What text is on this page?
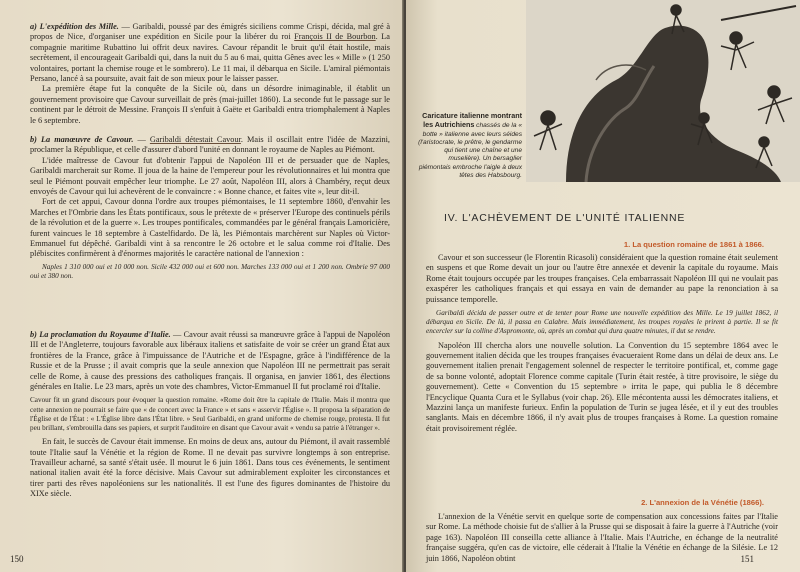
a) L'expédition des Mille. — Garibaldi, poussé par des émigrés siciliens comme Crispi, décida, mal gré à propos de Nice, d'organiser une expédition en Sicile pour la libérer du roi François II de Bourbon. La compagnie maritime Rubattino lui offrit deux navires. Cavour répandit le bruit qu'il était hostile, mais secrètement, il encourageait Garibaldi qui, dans la nuit du 5 au 6 mai, quitta Gênes avec les « Mille » (1 250 volontaires, portant la chemise rouge et le sombrero). Le 11 mai, il débarqua en Sicile. L'amiral piémontais Persano, lancé à sa poursuite, avait fait de son mieux pour le laisser passer.

La première étape fut la conquête de la Sicile où, dans un désordre inimaginable, il établit un gouvernement provisoire que Cavour surveillait de près (mai-juillet 1860). La seconde fut le passage sur le continent par le détroit de Messine. François II s'enfuit à Gaëte et Garibaldi entra triomphalement à Naples le 6 septembre.

b) La manœuvre de Cavour. — Garibaldi détestait Cavour. Mais il oscillait entre l'idée de Mazzini, proclamer la République, et celle d'assurer d'abord l'unité en donnant le royaume de Naples au Piémont.

L'idée maîtresse de Cavour fut d'obtenir l'appui de Napoléon III et de persuader que de Naples, Garibaldi marcherait sur Rome. Il joua de la haine de l'empereur pour les révolutionnaires et lui montra que seul le Piémont pouvait empêcher leur triomphe. Le 27 août, Napoléon III, alors à Chambéry, reçut deux envoyés de Cavour qui lui achevèrent de le convaincre : « Bonne chance, et faites vite », leur dit-il.

Fort de cet appui, Cavour donna l'ordre aux troupes piémontaises, le 11 septembre 1860, d'envahir les Marches et l'Ombrie dans les États pontificaux, sous le prétexte de « préserver l'Europe des continuels périls de la révolution et de la guerre ». Les troupes pontificales, commandées par le général français Lamoricière, furent vaincues le 18 septembre à Castelfidardo. De là, les Piémontais marchèrent sur Naples où Victor-Emmanuel fut dépêché. Garibaldi vint à sa rencontre le 26 octobre et le salua comme roi d'Italie. Des plébiscites confirmèrent à d'énormes majorités le caractère national de l'annexion :

Naples 1 310 000 oui et 10 000 non. Sicile 432 000 oui et 600 non. Marches 133 000 oui et 1 200 non. Ombrie 97 000 oui et 380 non.

b) La proclamation du Royaume d'Italie. — Cavour avait réussi sa manœuvre grâce à l'appui de Napoléon III et de l'Angleterre, toujours favorable aux libéraux italiens et satisfaite de voir se créer un grand État aux frontières de la France, grâce à l'impuissance de l'Autriche et de l'Espagne, grâce à l'indifférence de la Russie et de la Prusse ; il avait compris que la seule annexion que Napoléon III ne permettrait pas serait celle de Rome, à cause des pressions des catholiques français. Il organisa, en janvier 1861, des élections générales en Italie. Le 23 mars, après un vote des chambres, Victor-Emmanuel II fut proclamé roi d'Italie.

Cavour fit un grand discours pour évoquer la question romaine. «Rome doit être la capitale de l'Italie. Mais il montra que cette annexion ne pourrait se faire que « de concert avec la France » et sans « asservir l'Église ». Il proposa la séparation de l'Église et de l'État : « L'Église libre dans l'État libre. » Seul Garibaldi, en grand uniforme de chemise rouge, protesta. Il fut peu brillant, s'embrouilla dans ses papiers, et surprit l'auditoire en disant que Cavour avait « vendu sa patrie à l'étranger ».

En fait, le succès de Cavour était immense. En moins de deux ans, autour du Piémont, il avait rassemblé toute l'Italie sauf la Vénétie et la région de Rome. Il ne devait pas survivre longtemps à son entreprise. Travailleur acharné, sa santé s'était usée. Il mourut le 6 juin 1861. Dans tous ces événements, le sentiment national italien avait été la force décisive. Mais Cavour sut admirablement exploiter les circonstances et tirer parti des rêves napoléoniens sur les nationalités. Il est l'une des figures dominantes de l'histoire du XIXe siècle.

150
Caricature italienne montrant les Autrichiens chassés de la « botte » italienne avec leurs séides (l'aristocrate, le prêtre, le gendarme qui tient une chaîne et une muselière). Un bersaglier piémontais embroche l'aigle à deux têtes des Habsbourg.
IV. L'ACHÈVEMENT DE L'UNITÉ ITALIENNE
1. La question romaine de 1861 à 1866.

Cavour et son successeur (le Florentin Ricasoli) considéraient que la question romaine était seulement en suspens et que Rome devait un jour ou l'autre être annexée et devenir la capitale du royaume. Mais Rome était toujours occupée par les troupes françaises. Cela embarrassait Napoléon III qui ne voulait pas exaspérer les catholiques français et qui essaya en vain de demander au pape la renonciation à sa puissance temporelle.

Garibaldi décida de passer outre et de tenter pour Rome une nouvelle expédition des Mille. Le 19 juillet 1862, il débarqua en Sicile. De là, il passa en Calabre. Mais immédiatement, les troupes royales le prirent à partie. Il se fit encercler sur la colline d'Aspromonte, où, après un combat qui dura quatre minutes, il dut se rendre.

Napoléon III chercha alors une nouvelle solution. La Convention du 15 septembre 1864 avec le gouvernement italien décida que les troupes françaises évacueraient Rome dans un délai de deux ans. Le gouvernement italien prenait l'engagement solennel de respecter le territoire pontifical, et, comme gage de sa bonne volonté, adoptait Florence comme capitale (Turin était restée, à titre provisoire, le siège du gouvernement). Cette « Convention du 15 septembre » irrita le pape, qui publia le 8 décembre l'Encyclique Quanta Cura et le Syllabus (voir chap. 26). Elle mécontenta aussi les démocrates italiens, et Mazzini lança un manifeste furieux. Enfin la population de Turin se jugea lésée, et il y eut des troubles sanglants. Mais en décembre 1866, il n'y avait plus de troupes françaises à Rome. La question romaine était provisoirement réglée.

2. L'annexion de la Vénétie (1866).

L'annexion de la Vénétie servit en quelque sorte de compensation aux concessions faites par l'Italie sur Rome. La méthode choisie fut de s'allier à la Prusse qui se disposait à faire la guerre à l'Autriche (voir page 163). Napoléon III conseilla cette alliance à l'Italie. Mais l'Autriche, en échange de la neutralité française suggéra, qu'en cas de victoire, elle céderait à l'Italie la Vénétie en échange de la Silésie. Le 12 juin 1866, Napoléon obtint	151
